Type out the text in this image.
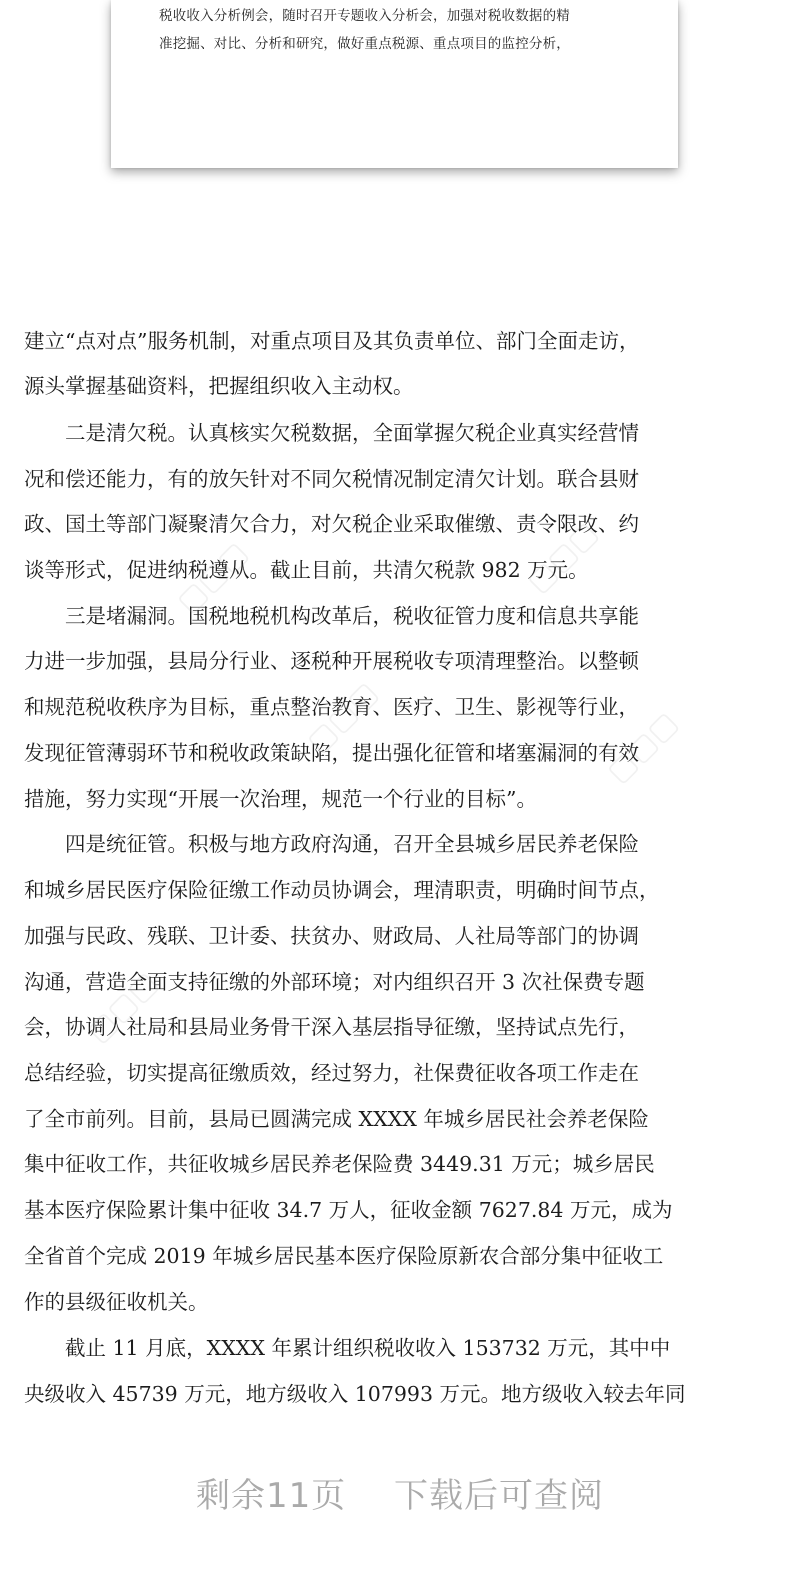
税收收入分析例会，随时召开专题收入分析会，加强对税收数据的精
准挖掘、对比、分析和研究，做好重点税源、重点项目的监控分析，
建立“点对点”服务机制，对重点项目及其负责单位、部门全面走访，
源头掌握基础资料，把握组织收入主动权。
　　二是清欠税。认真核实欠税数据，全面掌握欠税企业真实经营情
况和偿还能力，有的放矢针对不同欠税情况制定清欠计划。联合县财
政、国土等部门凝聚清欠合力，对欠税企业采取催缴、责令限改、约
谈等形式，促进纳税遵从。截止目前，共清欠税款 982 万元。
　　三是堵漏洞。国税地税机构改革后，税收征管力度和信息共享能
力进一步加强，县局分行业、逐税种开展税收专项清理整治。以整顿
和规范税收秩序为目标，重点整治教育、医疗、卫生、影视等行业，
发现征管薄弱环节和税收政策缺陷，提出强化征管和堵塞漏洞的有效
措施，努力实现“开展一次治理，规范一个行业的目标”。
　　四是统征管。积极与地方政府沟通，召开全县城乡居民养老保险
和城乡居民医疗保险征缴工作动员协调会，理清职责，明确时间节点，
加强与民政、残联、卫计委、扶贫办、财政局、人社局等部门的协调
沟通，营造全面支持征缴的外部环境；对内组织召开 3 次社保费专题
会，协调人社局和县局业务骨干深入基层指导征缴，坚持试点先行，
总结经验，切实提高征缴质效，经过努力，社保费征收各项工作走在
了全市前列。目前，县局已圆满完成 XXXX 年城乡居民社会养老保险
集中征收工作，共征收城乡居民养老保险费 3449.31 万元；城乡居民
基本医疗保险累计集中征收 34.7 万人，征收金额 7627.84 万元，成为
全省首个完成 2019 年城乡居民基本医疗保险原新农合部分集中征收工
作的县级征收机关。
　　截止 11 月底，XXXX 年累计组织税收收入 153732 万元，其中中
央级收入 45739 万元，地方级收入 107993 万元。地方级收入较去年同
▢▢▢	▢▢▢
▢▢▢	▢▢▢
▢▢▢
剩余11页 下载后可查阅
